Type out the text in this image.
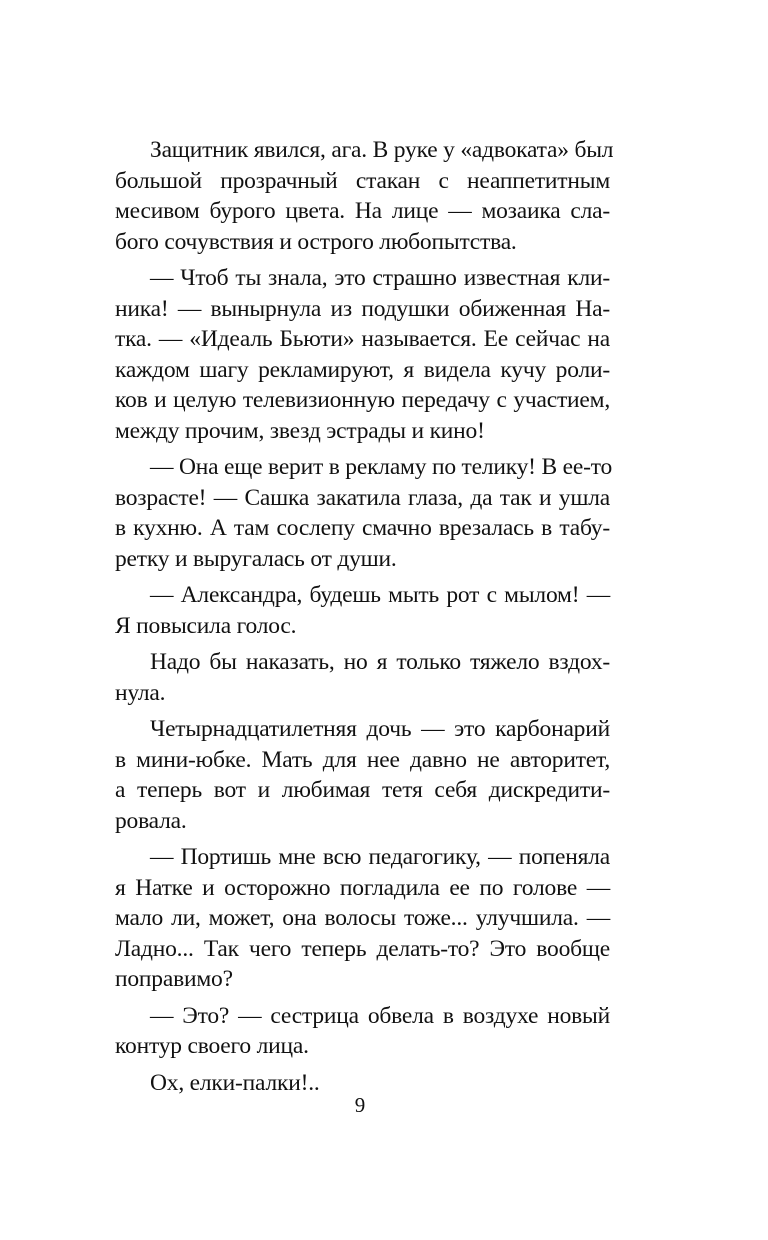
Защитник явился, ага. В руке у «адвоката» был
большой прозрачный стакан с неаппетитным
месивом бурого цвета. На лице — мозаика сла-
бого сочувствия и острого любопытства.
— Чтоб ты знала, это страшно известная кли-
ника! — вынырнула из подушки обиженная На-
тка. — «Идеаль Бьюти» называется. Ее сейчас на
каждом шагу рекламируют, я видела кучу роли-
ков и целую телевизионную передачу с участием,
между прочим, звезд эстрады и кино!
— Она еще верит в рекламу по телику! В ее-то
возрасте! — Сашка закатила глаза, да так и ушла
в кухню. А там сослепу смачно врезалась в табу-
ретку и выругалась от души.
— Александра, будешь мыть рот с мылом! —
Я повысила голос.
Надо бы наказать, но я только тяжело вздох-
нула.
Четырнадцатилетняя дочь — это карбонарий
в мини-юбке. Мать для нее давно не авторитет,
а теперь вот и любимая тетя себя дискредити-
ровала.
— Портишь мне всю педагогику, — попеняла
я Натке и осторожно погладила ее по голове —
мало ли, может, она волосы тоже... улучшила. —
Ладно... Так чего теперь делать-то? Это вообще
поправимо?
— Это? — сестрица обвела в воздухе новый
контур своего лица.
Ох, елки-палки!..
9
